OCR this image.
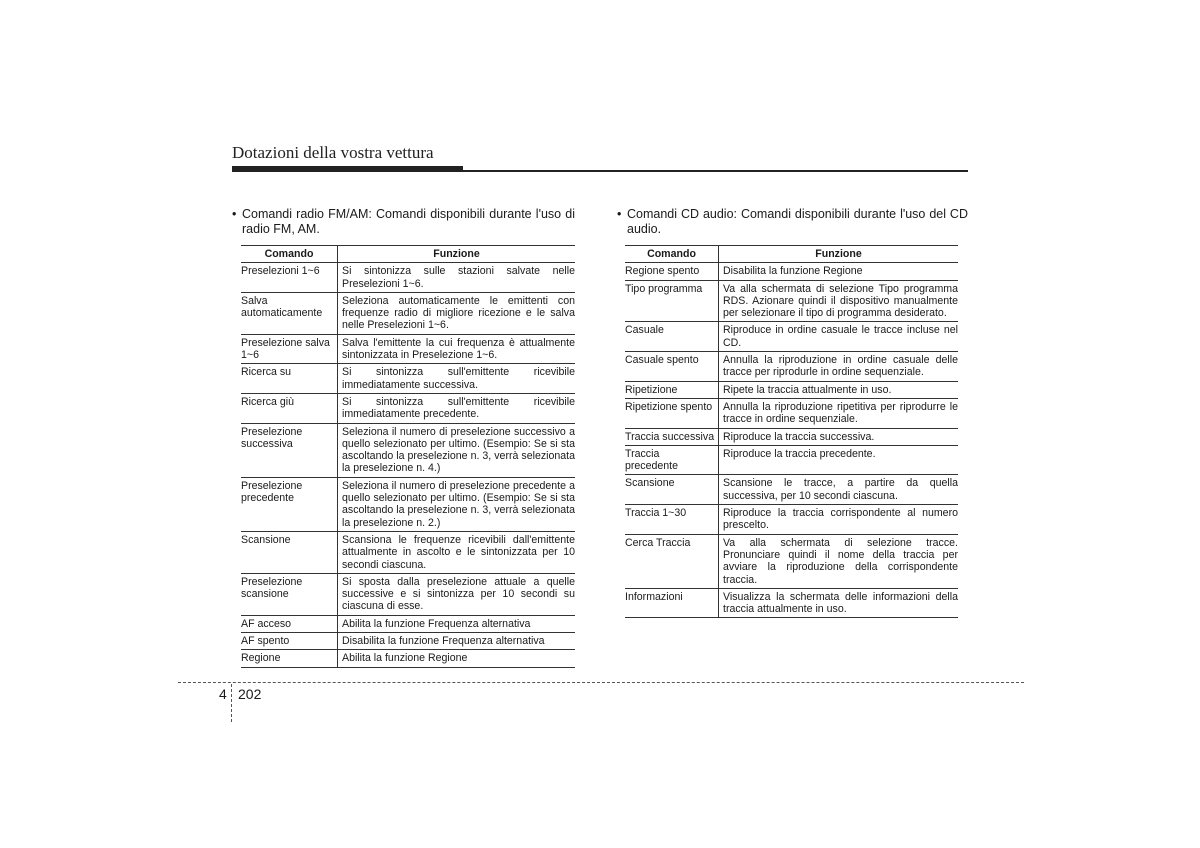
Dotazioni della vostra vettura

• Comandi radio FM/AM: Comandi disponibili durante l'uso di radio FM, AM.

Comando	Funzione
Preselezioni 1~6	Si sintonizza sulle stazioni salvate nelle Preselezioni 1~6.
Salva automaticamente	Seleziona automaticamente le emittenti con frequenze radio di migliore ricezione e le salva nelle Preselezioni 1~6.
Preselezione salva 1~6	Salva l'emittente la cui frequenza è attualmente sintonizzata in Preselezione 1~6.
Ricerca su	Si sintonizza sull'emittente ricevibile immediatamente successiva.
Ricerca giù	Si sintonizza sull'emittente ricevibile immediatamente precedente.
Preselezione successiva	Seleziona il numero di preselezione successivo a quello selezionato per ultimo. (Esempio: Se si sta ascoltando la preselezione n. 3, verrà selezionata la preselezione n. 4.)
Preselezione precedente	Seleziona il numero di preselezione precedente a quello selezionato per ultimo. (Esempio: Se si sta ascoltando la preselezione n. 3, verrà selezionata la preselezione n. 2.)
Scansione	Scansiona le frequenze ricevibili dall'emittente attualmente in ascolto e le sintonizzata per 10 secondi ciascuna.
Preselezione scansione	Si sposta dalla preselezione attuale a quelle successive e si sintonizza per 10 secondi su ciascuna di esse.
AF acceso	Abilita la funzione Frequenza alternativa
AF spento	Disabilita la funzione Frequenza alternativa
Regione	Abilita la funzione Regione

• Comandi CD audio: Comandi disponibili durante l'uso del CD audio.

Comando	Funzione
Regione spento	Disabilita la funzione Regione
Tipo programma	Va alla schermata di selezione Tipo programma RDS. Azionare quindi il dispositivo manualmente per selezionare il tipo di programma desiderato.
Casuale	Riproduce in ordine casuale le tracce incluse nel CD.
Casuale spento	Annulla la riproduzione in ordine casuale delle tracce per riprodurle in ordine sequenziale.
Ripetizione	Ripete la traccia attualmente in uso.
Ripetizione spento	Annulla la riproduzione ripetitiva per riprodurre le tracce in ordine sequenziale.
Traccia successiva	Riproduce la traccia successiva.
Traccia precedente	Riproduce la traccia precedente.
Scansione	Scansione le tracce, a partire da quella successiva, per 10 secondi ciascuna.
Traccia 1~30	Riproduce la traccia corrispondente al numero prescelto.
Cerca Traccia	Va alla schermata di selezione tracce. Pronunciare quindi il nome della traccia per avviare la riproduzione della corrispondente traccia.
Informazioni	Visualizza la schermata delle informazioni della traccia attualmente in uso.
4 202
